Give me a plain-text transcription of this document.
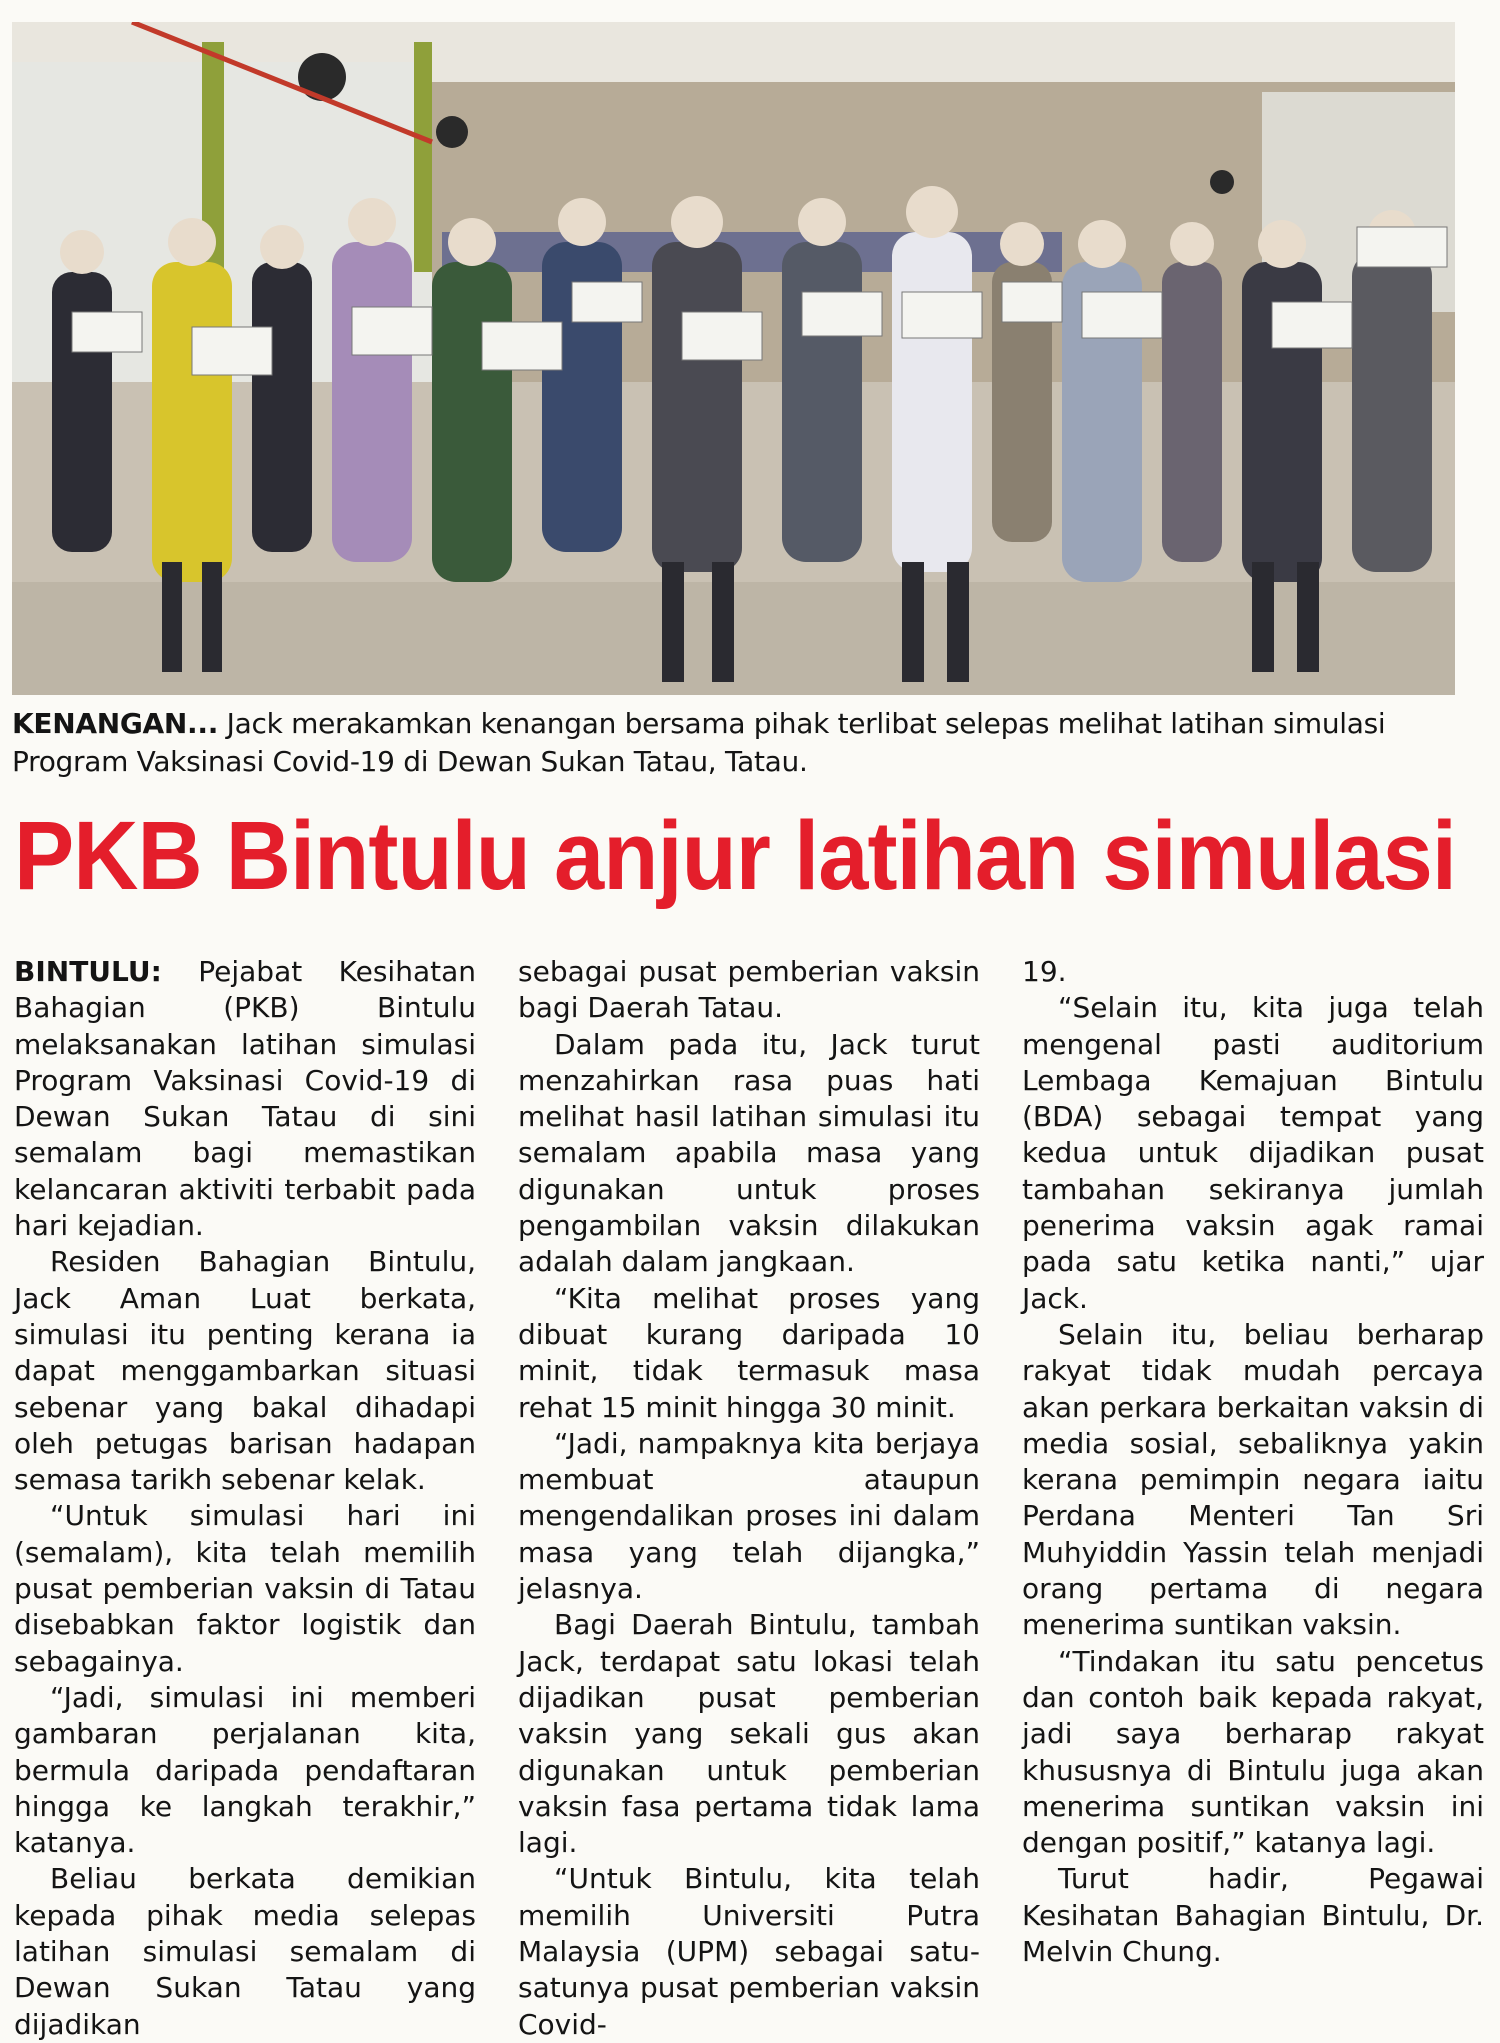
KENANGAN... Jack merakamkan kenangan bersama pihak terlibat selepas melihat latihan simulasi Program Vaksinasi Covid-19 di Dewan Sukan Tatau, Tatau.
PKB Bintulu anjur latihan simulasi

BINTULU: Pejabat Kesihatan Bahagian (PKB) Bintulu melaksanakan latihan simulasi Program Vaksinasi Covid-19 di Dewan Sukan Tatau di sini semalam bagi memastikan kelancaran aktiviti terbabit pada hari kejadian.

Residen Bahagian Bintulu, Jack Aman Luat berkata, simulasi itu penting kerana ia dapat menggambarkan situasi sebenar yang bakal dihadapi oleh petugas barisan hadapan semasa tarikh sebenar kelak.

“Untuk simulasi hari ini (semalam), kita telah memilih pusat pemberian vaksin di Tatau disebabkan faktor logistik dan sebagainya.

“Jadi, simulasi ini memberi gambaran perjalanan kita, bermula daripada pendaftaran hingga ke langkah terakhir,” katanya.

Beliau berkata demikian kepada pihak media selepas latihan simulasi semalam di Dewan Sukan Tatau yang dijadikan

sebagai pusat pemberian vaksin bagi Daerah Tatau.

Dalam pada itu, Jack turut menzahirkan rasa puas hati melihat hasil latihan simulasi itu semalam apabila masa yang digunakan untuk proses pengambilan vaksin dilakukan adalah dalam jangkaan.

“Kita melihat proses yang dibuat kurang daripada 10 minit, tidak termasuk masa rehat 15 minit hingga 30 minit.

“Jadi, nampaknya kita berjaya membuat ataupun mengendalikan proses ini dalam masa yang telah dijangka,” jelasnya.

Bagi Daerah Bintulu, tambah Jack, terdapat satu lokasi telah dijadikan pusat pemberian vaksin yang sekali gus akan digunakan untuk pemberian vaksin fasa pertama tidak lama lagi.

“Untuk Bintulu, kita telah memilih Universiti Putra Malaysia (UPM) sebagai satu-satunya pusat pemberian vaksin Covid-

19.

“Selain itu, kita juga telah mengenal pasti auditorium Lembaga Kemajuan Bintulu (BDA) sebagai tempat yang kedua untuk dijadikan pusat tambahan sekiranya jumlah penerima vaksin agak ramai pada satu ketika nanti,” ujar Jack.

Selain itu, beliau berharap rakyat tidak mudah percaya akan perkara berkaitan vaksin di media sosial, sebaliknya yakin kerana pemimpin negara iaitu Perdana Menteri Tan Sri Muhyiddin Yassin telah menjadi orang pertama di negara menerima suntikan vaksin.

“Tindakan itu satu pencetus dan contoh baik kepada rakyat, jadi saya berharap rakyat khususnya di Bintulu juga akan menerima suntikan vaksin ini dengan positif,” katanya lagi.

Turut hadir, Pegawai Kesihatan Bahagian Bintulu, Dr. Melvin Chung.
